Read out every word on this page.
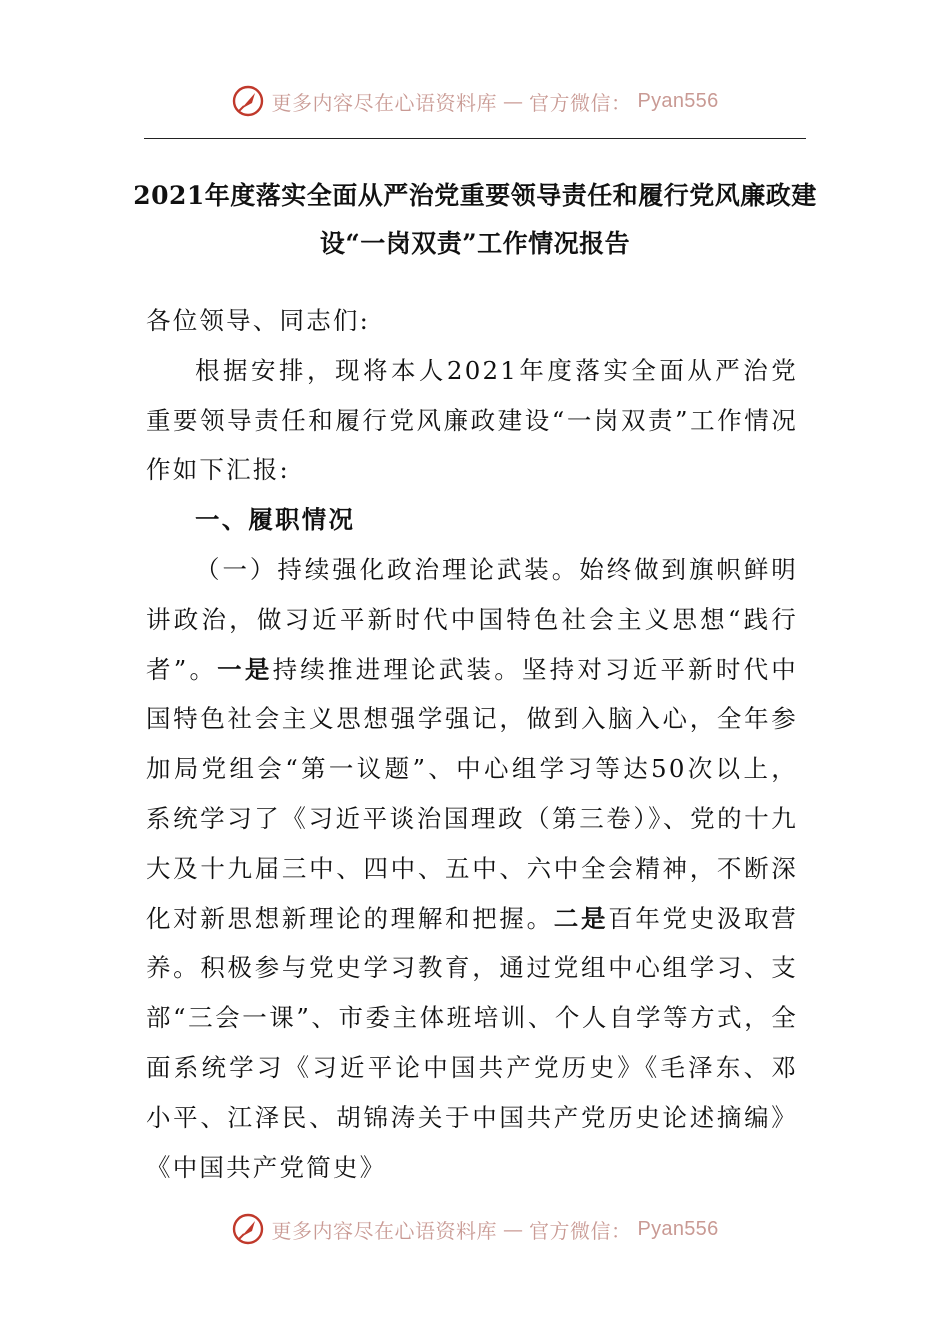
更多内容尽在心语资料库 — 官方微信： Pyan556
2021年度落实全面从严治党重要领导责任和履行党风廉政建设“一岗双责”工作情况报告

各位领导、同志们:

根据安排，现将本人2021年度落实全面从严治党重要领导责任和履行党风廉政建设“一岗双责”工作情况作如下汇报:

一、履职情况

（一）持续强化政治理论武装。始终做到旗帜鲜明讲政治，做习近平新时代中国特色社会主义思想“践行者”。一是持续推进理论武装。坚持对习近平新时代中国特色社会主义思想强学强记，做到入脑入心，全年参加局党组会“第一议题”、中心组学习等达50次以上，系统学习了《习近平谈治国理政（第三卷）》、党的十九大及十九届三中、四中、五中、六中全会精神，不断深化对新思想新理论的理解和把握。二是百年党史汲取营养。积极参与党史学习教育，通过党组中心组学习、支部“三会一课”、市委主体班培训、个人自学等方式，全面系统学习《习近平论中国共产党历史》《毛泽东、邓小平、江泽民、胡锦涛关于中国共产党历史论述摘编》《中国共产党简史》

更多内容尽在心语资料库 — 官方微信： Pyan556
